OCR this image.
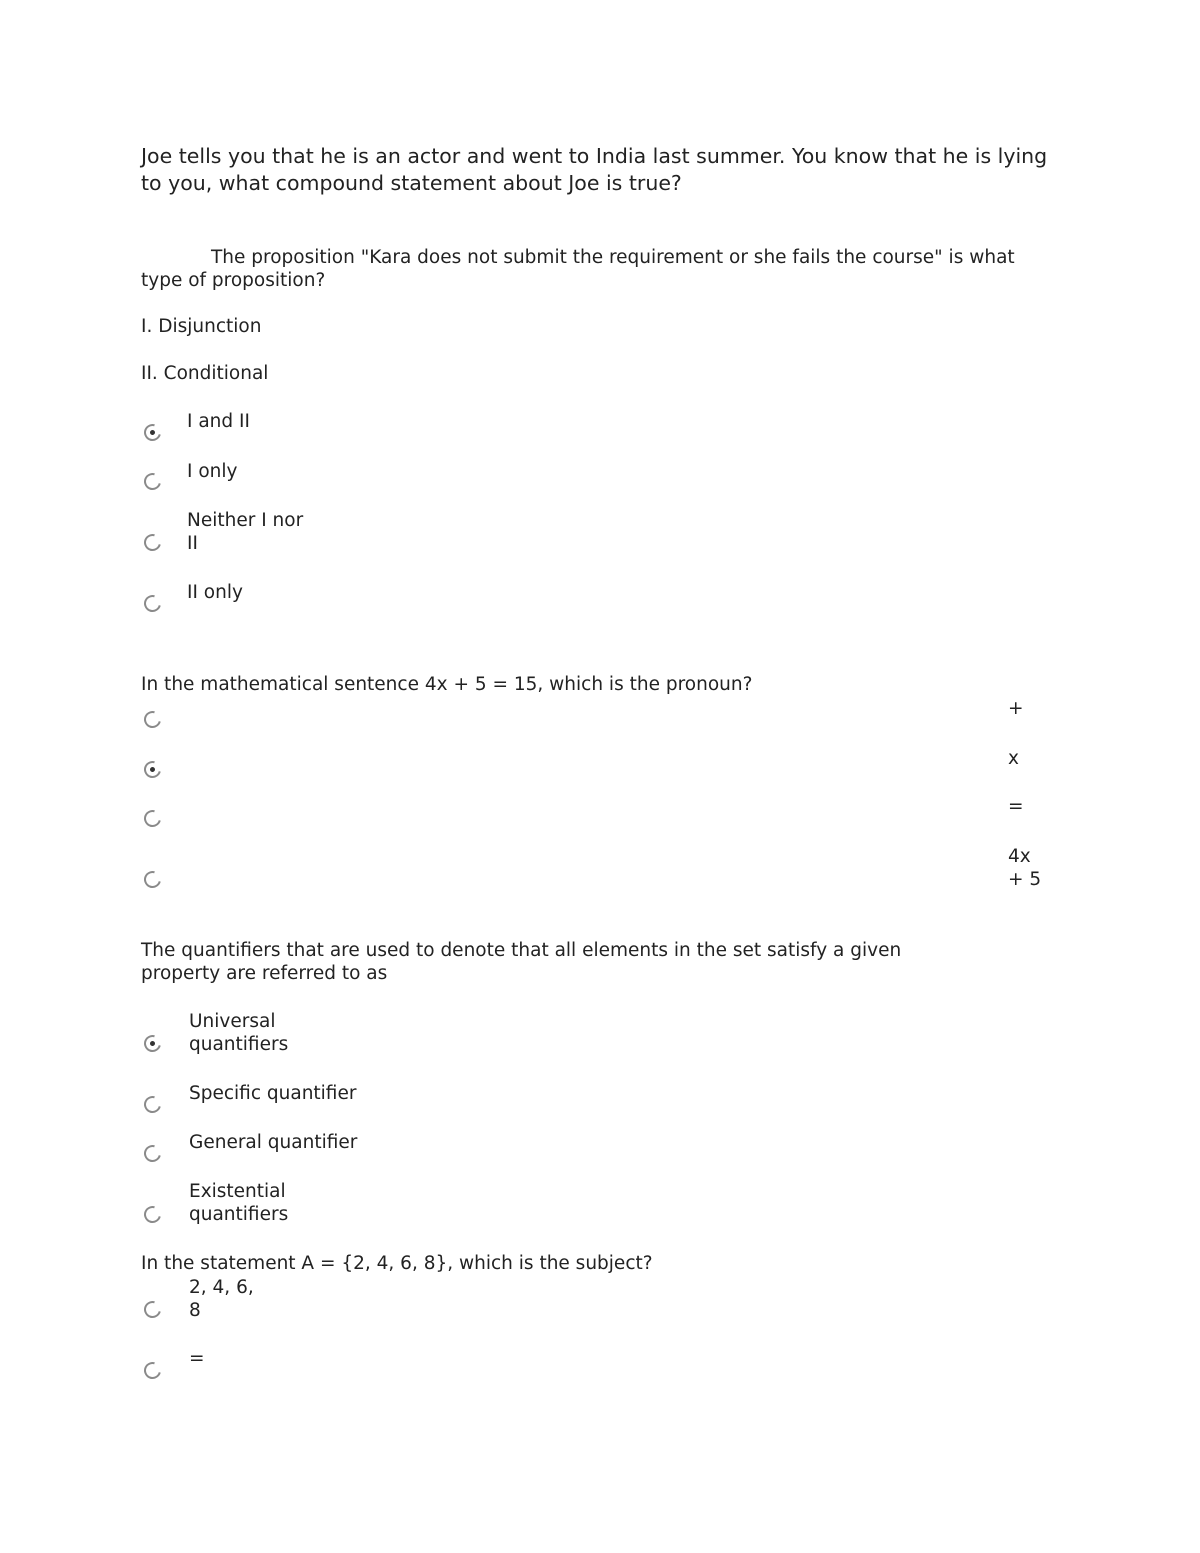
Joe tells you that he is an actor and went to India last summer. You know that he is lying to you, what compound statement about Joe is true?
The proposition "Kara does not submit the requirement or she fails the course" is what type of proposition?
I. Disjunction
II. Conditional
I and II
I only
Neither I nor
II
II only
In the mathematical sentence 4x + 5 = 15, which is the pronoun?
+
x
=
4x
+ 5
The quantifiers that are used to denote that all elements in the set satisfy a given
property are referred to as
Universal
quantifiers
Specific quantifier
General quantifier
Existential
quantifiers
In the statement A = {2, 4, 6, 8}, which is the subject?
2, 4, 6,
8
=
